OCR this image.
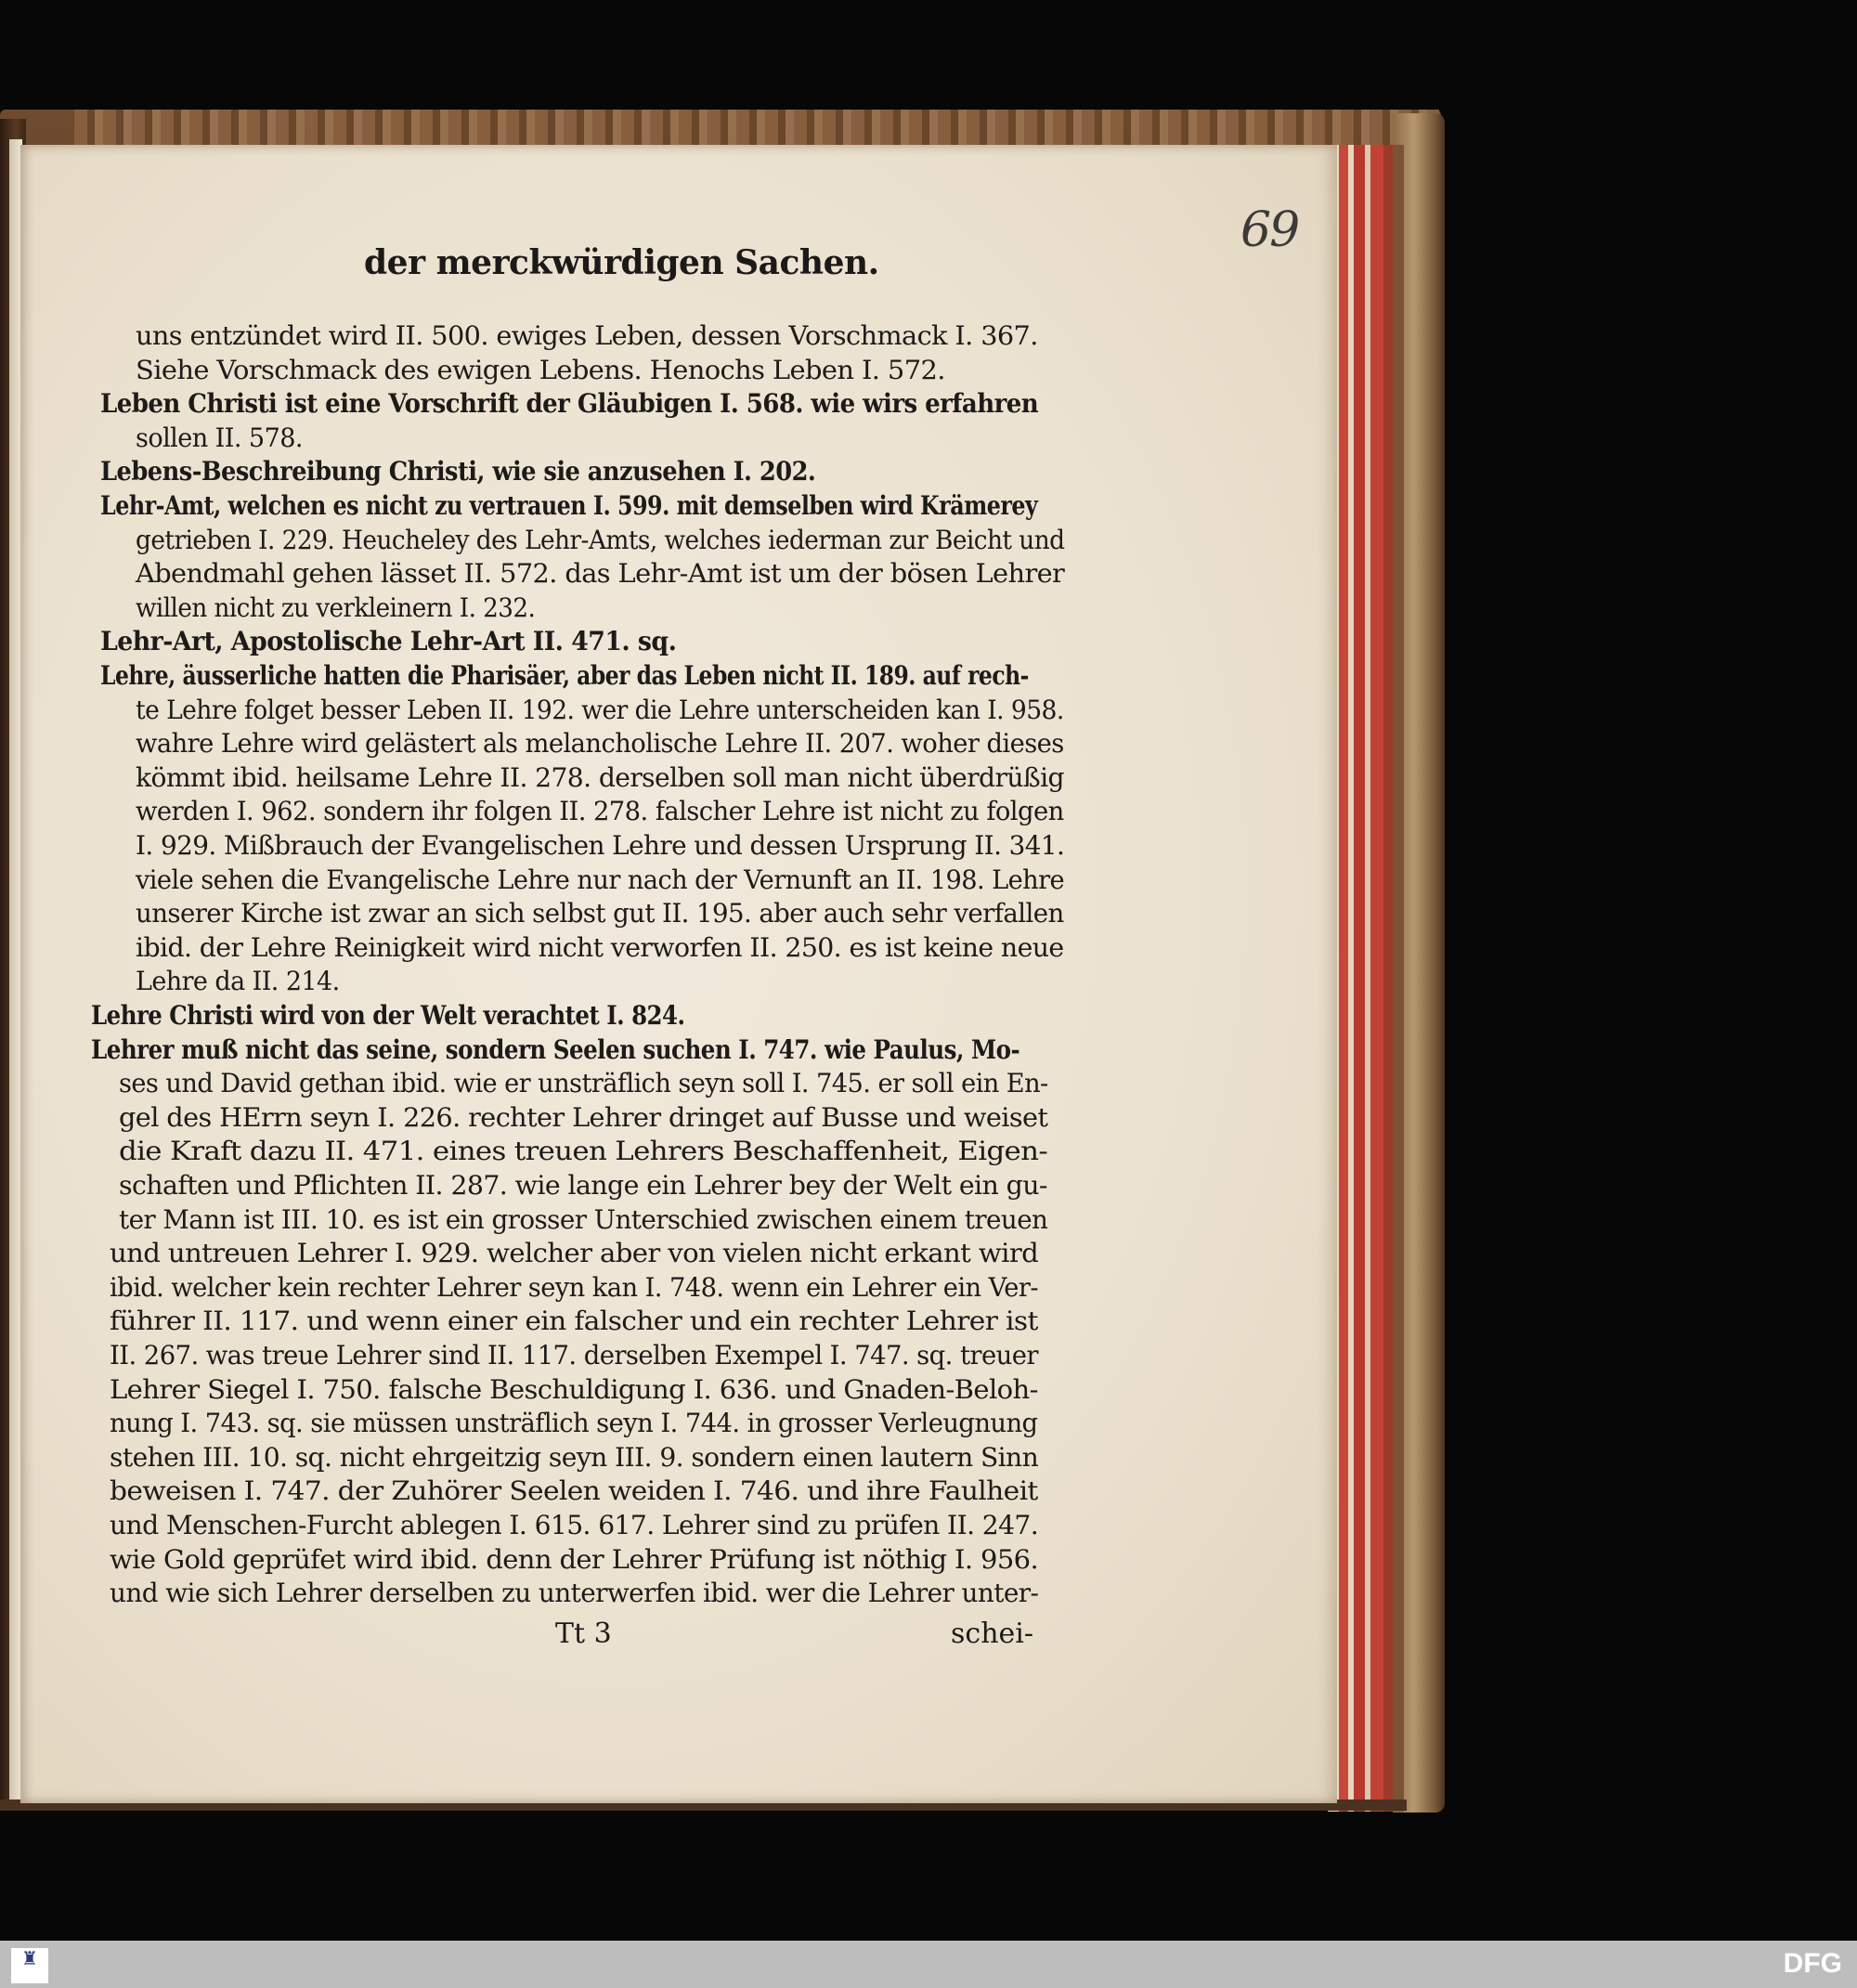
69
der merckwürdigen Sachen.
uns entzündet wird II. 500. ewiges Leben, dessen Vorschmack I. 367.
Siehe Vorschmack des ewigen Lebens. Henochs Leben I. 572.
Leben Christi ist eine Vorschrift der Gläubigen I. 568. wie wirs erfahren
sollen II. 578.
Lebens-Beschreibung Christi, wie sie anzusehen I. 202.
Lehr-Amt, welchen es nicht zu vertrauen I. 599. mit demselben wird Krämerey
getrieben I. 229. Heucheley des Lehr-Amts, welches iederman zur Beicht und
Abendmahl gehen lässet II. 572. das Lehr-Amt ist um der bösen Lehrer
willen nicht zu verkleinern I. 232.
Lehr-Art, Apostolische Lehr-Art II. 471. sq.
Lehre, äusserliche hatten die Pharisäer, aber das Leben nicht II. 189. auf rech-
te Lehre folget besser Leben II. 192. wer die Lehre unterscheiden kan I. 958.
wahre Lehre wird gelästert als melancholische Lehre II. 207. woher dieses
kömmt ibid. heilsame Lehre II. 278. derselben soll man nicht überdrüßig
werden I. 962. sondern ihr folgen II. 278. falscher Lehre ist nicht zu folgen
I. 929. Mißbrauch der Evangelischen Lehre und dessen Ursprung II. 341.
viele sehen die Evangelische Lehre nur nach der Vernunft an II. 198. Lehre
unserer Kirche ist zwar an sich selbst gut II. 195. aber auch sehr verfallen
ibid. der Lehre Reinigkeit wird nicht verworfen II. 250. es ist keine neue
Lehre da II. 214.
Lehre Christi wird von der Welt verachtet I. 824.
Lehrer muß nicht das seine, sondern Seelen suchen I. 747. wie Paulus, Mo-
ses und David gethan ibid. wie er unsträflich seyn soll I. 745. er soll ein En-
gel des HErrn seyn I. 226. rechter Lehrer dringet auf Busse und weiset
die Kraft dazu II. 471. eines treuen Lehrers Beschaffenheit, Eigen-
schaften und Pflichten II. 287. wie lange ein Lehrer bey der Welt ein gu-
ter Mann ist III. 10. es ist ein grosser Unterschied zwischen einem treuen
und untreuen Lehrer I. 929. welcher aber von vielen nicht erkant wird
ibid. welcher kein rechter Lehrer seyn kan I. 748. wenn ein Lehrer ein Ver-
führer II. 117. und wenn einer ein falscher und ein rechter Lehrer ist
II. 267. was treue Lehrer sind II. 117. derselben Exempel I. 747. sq. treuer
Lehrer Siegel I. 750. falsche Beschuldigung I. 636. und Gnaden-Beloh-
nung I. 743. sq. sie müssen unsträflich seyn I. 744. in grosser Verleugnung
stehen III. 10. sq. nicht ehrgeitzig seyn III. 9. sondern einen lautern Sinn
beweisen I. 747. der Zuhörer Seelen weiden I. 746. und ihre Faulheit
und Menschen-Furcht ablegen I. 615. 617. Lehrer sind zu prüfen II. 247.
wie Gold geprüfet wird ibid. denn der Lehrer Prüfung ist nöthig I. 956.
und wie sich Lehrer derselben zu unterwerfen ibid. wer die Lehrer unter-
Tt 3	schei-
♜	DFG
